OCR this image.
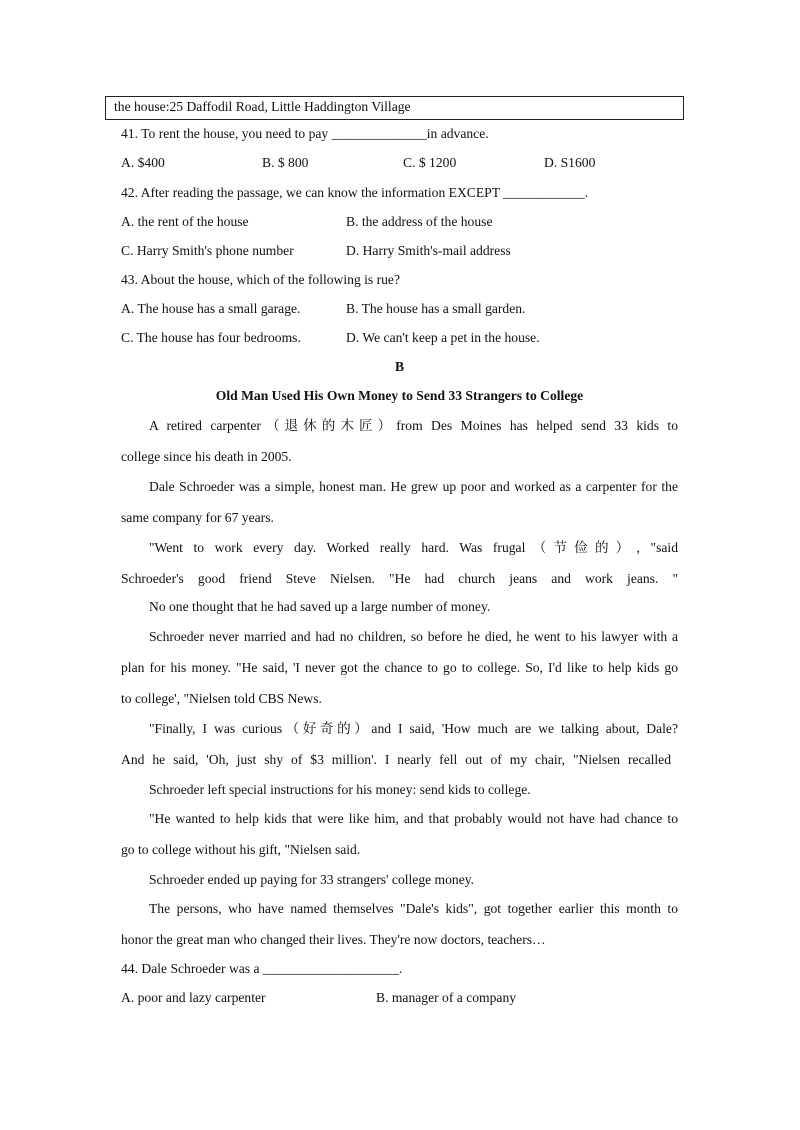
the house:25 Daffodil Road, Little Haddington Village
41. To rent the house, you need to pay ______________in advance.
A. $400	B. $ 800	C. $ 1200	D. S1600
42. After reading the passage, we can know the information EXCEPT ____________.
A. the rent of the house	B. the address of the house
C. Harry Smith's phone number	D. Harry Smith's-mail address
43. About the house, which of the following is rue?
A. The house has a small garage.	B. The house has a small garden.
C. The house has four bedrooms.	D. We can't keep a pet in the house.
B
Old Man Used His Own Money to Send 33 Strangers to College
A retired carpenter（退休的木匠）from Des Moines has helped send 33 kids to
college since his death in 2005.
Dale Schroeder was a simple, honest man. He grew up poor and worked as a carpenter for the
same company for 67 years.
"Went to work every day. Worked really hard. Was frugal（节俭的）, "said
Schroeder's good friend Steve Nielsen. "He had church jeans and work jeans. "
No one thought that he had saved up a large number of money.
Schroeder never married and had no children, so before he died, he went to his lawyer with a
plan for his money. "He said, 'I never got the chance to go to college. So, I'd like to help kids go
to college', "Nielsen told CBS News.
"Finally, I was curious（好奇的）and I said, 'How much are we talking about, Dale?
And he said, 'Oh, just shy of $3 million'. I nearly fell out of my chair, "Nielsen recalled
Schroeder left special instructions for his money: send kids to college.
"He wanted to help kids that were like him, and that probably would not have had chance to
go to college without his gift, "Nielsen said.
Schroeder ended up paying for 33 strangers' college money.
The persons, who have named themselves "Dale's kids", got together earlier this month to
honor the great man who changed their lives. They're now doctors, teachers…
44. Dale Schroeder was a ____________________.
A. poor and lazy carpenter	B. manager of a company
